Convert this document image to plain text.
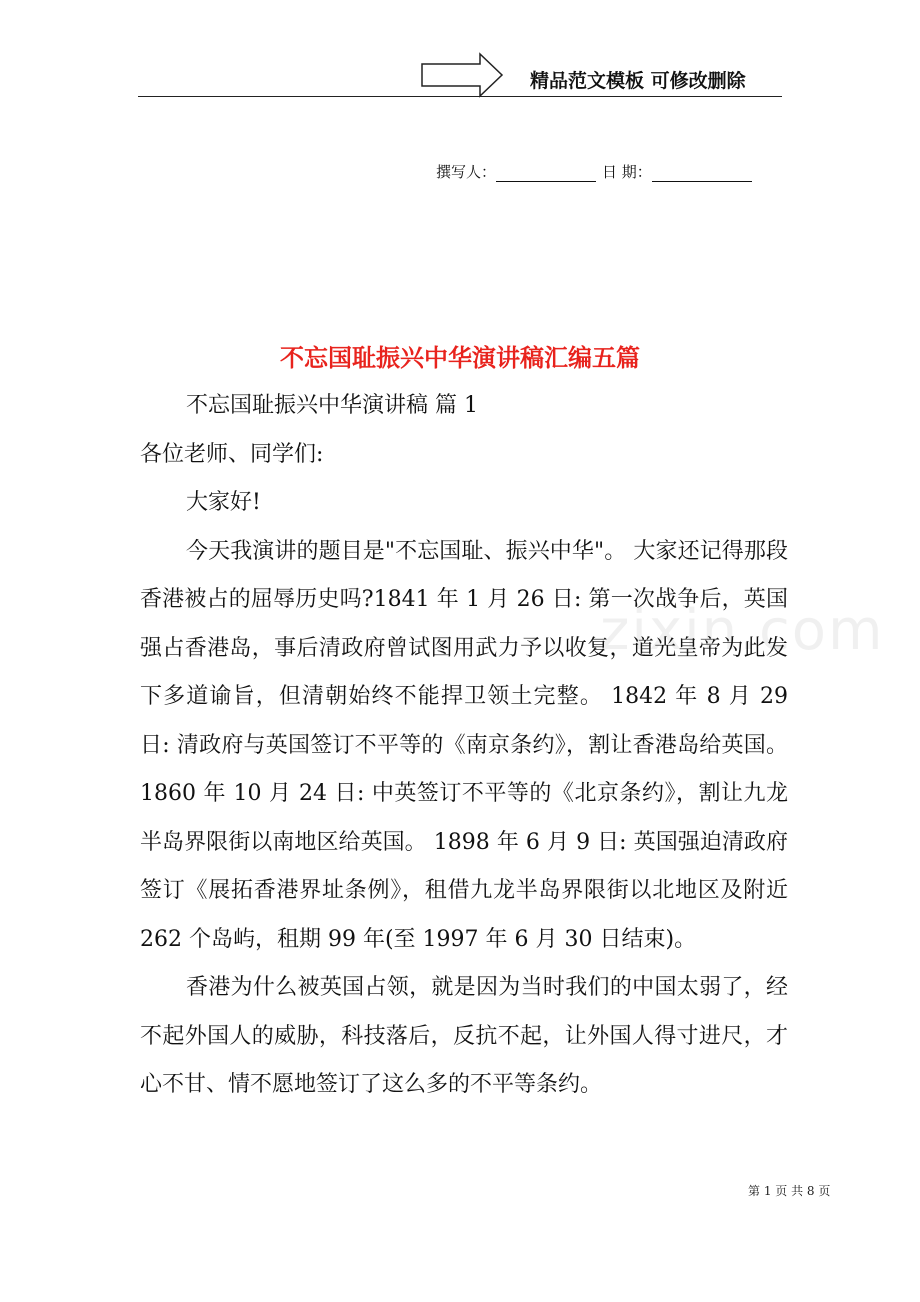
精品范文模板 可修改删除
撰写人：	日 期：
不忘国耻振兴中华演讲稿汇编五篇
zixin.com

不忘国耻振兴中华演讲稿 篇 1

各位老师、同学们:

大家好!

今天我演讲的题目是"不忘国耻、振兴中华"。 大家还记得那段香港被占的屈辱历史吗?1841 年 1 月 26 日: 第一次战争后，英国强占香港岛，事后清政府曾试图用武力予以收复，道光皇帝为此发下多道谕旨，但清朝始终不能捍卫领土完整。 1842 年 8 月 29 日: 清政府与英国签订不平等的《南京条约》，割让香港岛给英国。 1860 年 10 月 24 日: 中英签订不平等的《北京条约》，割让九龙半岛界限街以南地区给英国。 1898 年 6 月 9 日: 英国强迫清政府签订《展拓香港界址条例》，租借九龙半岛界限街以北地区及附近 262 个岛屿，租期 99 年(至 1997 年 6 月 30 日结束)。

香港为什么被英国占领，就是因为当时我们的中国太弱了，经不起外国人的威胁，科技落后，反抗不起，让外国人得寸进尺，才心不甘、情不愿地签订了这么多的不平等条约。

第 1 页 共 8 页
